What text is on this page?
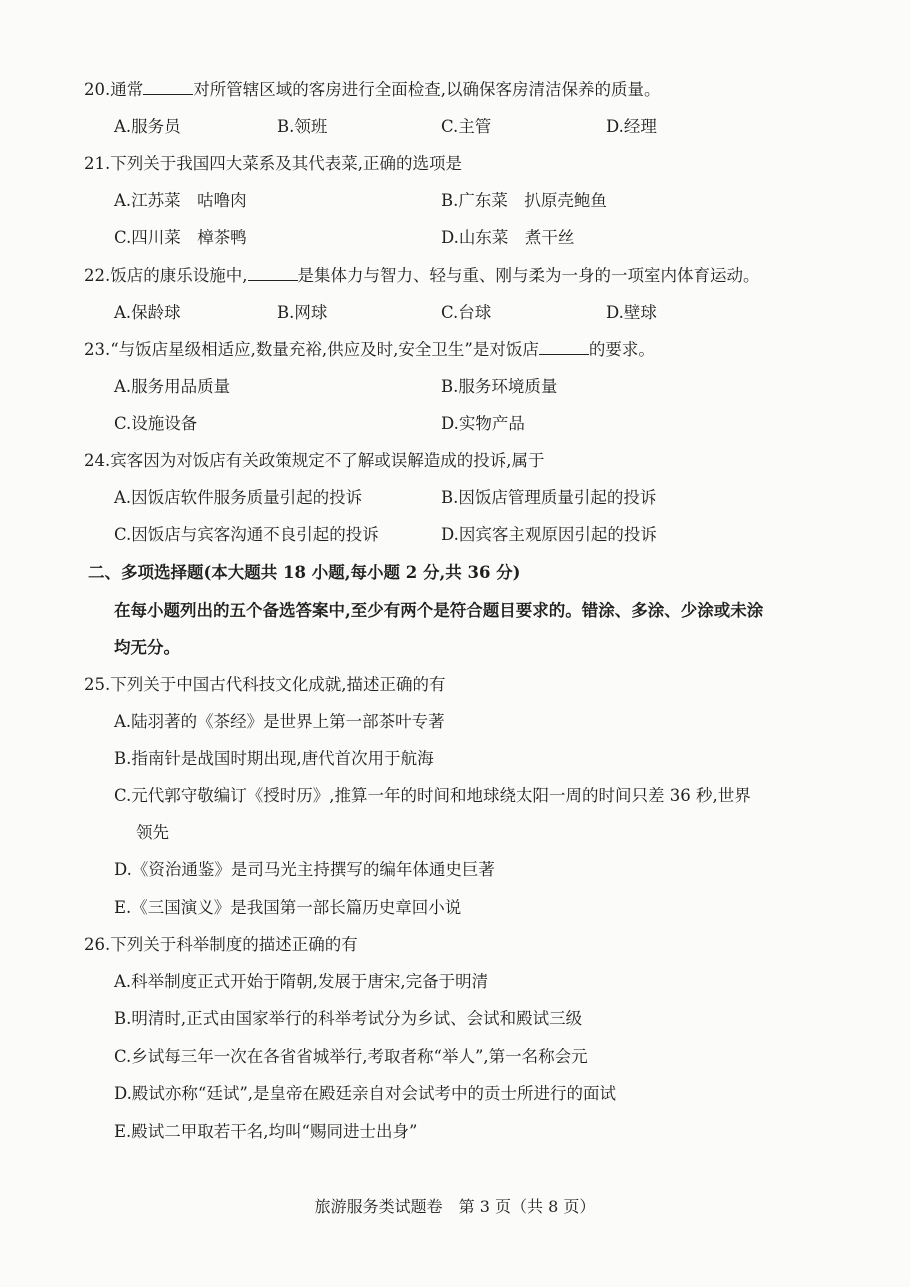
20.通常	对所管辖区域的客房进行全面检查,以确保客房清洁保养的质量。
A.服务员	B.领班	C.主管	D.经理
21.下列关于我国四大菜系及其代表菜,正确的选项是
A.江苏菜　咕噜肉	B.广东菜　扒原壳鲍鱼
C.四川菜　樟茶鸭	D.山东菜　煮干丝
22.饭店的康乐设施中,	是集体力与智力、轻与重、刚与柔为一身的一项室内体育运动。
A.保龄球	B.网球	C.台球	D.壁球
23.“与饭店星级相适应,数量充裕,供应及时,安全卫生”是对饭店	的要求。
A.服务用品质量	B.服务环境质量
C.设施设备	D.实物产品
24.宾客因为对饭店有关政策规定不了解或误解造成的投诉,属于
A.因饭店软件服务质量引起的投诉	B.因饭店管理质量引起的投诉
C.因饭店与宾客沟通不良引起的投诉	D.因宾客主观原因引起的投诉
二、多项选择题(本大题共 18 小题,每小题 2 分,共 36 分)
在每小题列出的五个备选答案中,至少有两个是符合题目要求的。错涂、多涂、少涂或未涂
均无分。
25.下列关于中国古代科技文化成就,描述正确的有
A.陆羽著的《茶经》是世界上第一部茶叶专著
B.指南针是战国时期出现,唐代首次用于航海
C.元代郭守敬编订《授时历》,推算一年的时间和地球绕太阳一周的时间只差 36 秒,世界
领先
D.《资治通鉴》是司马光主持撰写的编年体通史巨著
E.《三国演义》是我国第一部长篇历史章回小说
26.下列关于科举制度的描述正确的有
A.科举制度正式开始于隋朝,发展于唐宋,完备于明清
B.明清时,正式由国家举行的科举考试分为乡试、会试和殿试三级
C.乡试每三年一次在各省省城举行,考取者称“举人”,第一名称会元
D.殿试亦称“廷试”,是皇帝在殿廷亲自对会试考中的贡士所进行的面试
E.殿试二甲取若干名,均叫“赐同进士出身”
旅游服务类试题卷　第 3 页（共 8 页）
